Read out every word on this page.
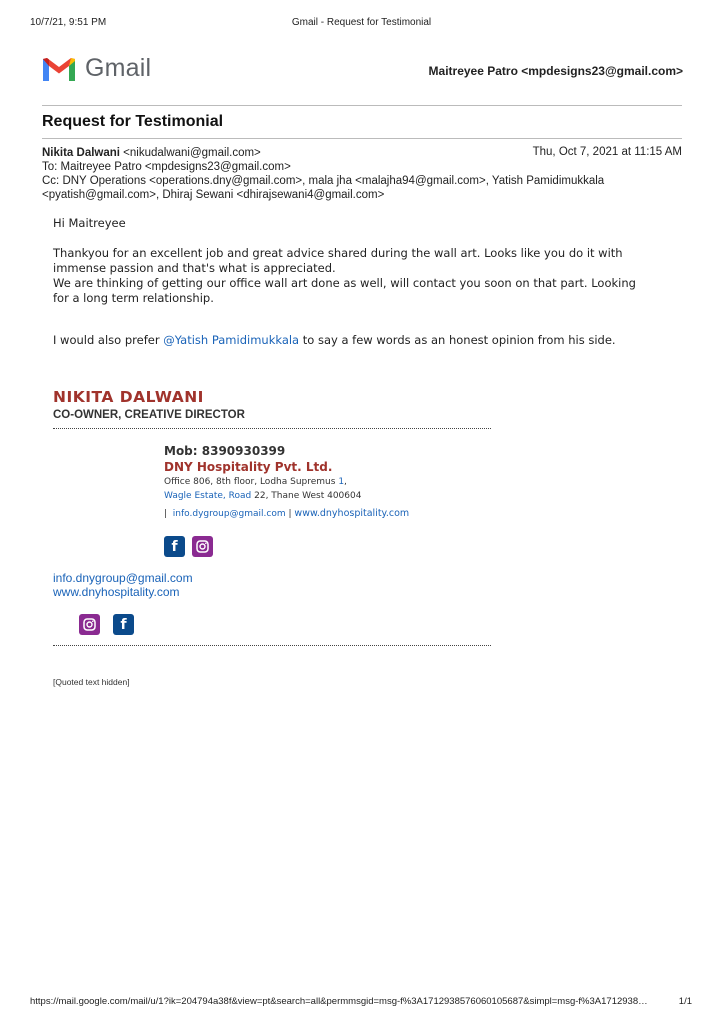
10/7/21, 9:51 PM	Gmail - Request for Testimonial
Gmail	Maitreyee Patro <mpdesigns23@gmail.com>
Request for Testimonial
Nikita Dalwani <nikudalwani@gmail.com>	Thu, Oct 7, 2021 at 11:15 AM
To: Maitreyee Patro <mpdesigns23@gmail.com>
Cc: DNY Operations <operations.dny@gmail.com>, mala jha <malajha94@gmail.com>, Yatish Pamidimukkala
<pyatish@gmail.com>, Dhiraj Sewani <dhirajsewani4@gmail.com>
Hi Maitreyee
Thankyou for an excellent job and great advice shared during the wall art. Looks like you do it with
immense passion and that's what is appreciated.
We are thinking of getting our office wall art done as well, will contact you soon on that part. Looking
for a long term relationship.
I would also prefer @Yatish Pamidimukkala to say a few words as an honest opinion from his side.
NIKITA DALWANI
CO-OWNER, CREATIVE DIRECTOR
Mob: 8390930399
DNY Hospitality Pvt. Ltd.
Office 806, 8th floor, Lodha Supremus 1,
Wagle Estate, Road 22, Thane West 400604
| info.dygroup@gmail.com | www.dnyhospitality.com
f
info.dnygroup@gmail.com
www.dnyhospitality.com
f
[Quoted text hidden]
https://mail.google.com/mail/u/1?ik=204794a38f&view=pt&search=all&permmsgid=msg-f%3A1712938576060105687&simpl=msg-f%3A1712938…	1/1
